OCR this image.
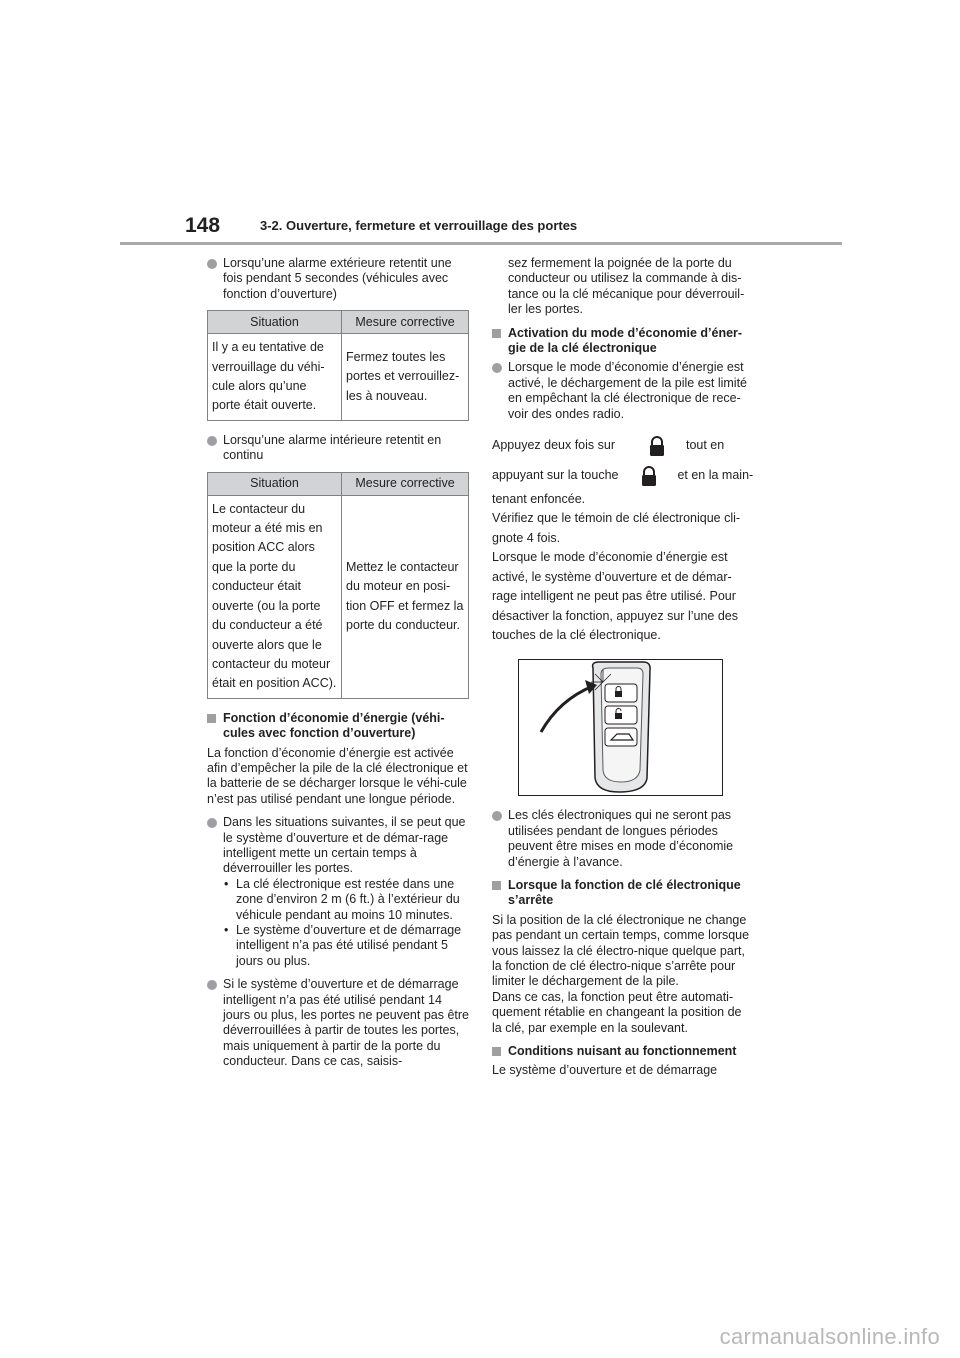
148	3-2. Ouverture, fermeture et verrouillage des portes
Lorsqu’une alarme extérieure retentit une fois pendant 5 secondes (véhicules avec fonction d’ouverture)
Situation	Mesure corrective
Il y a eu tentative de verrouillage du véhi-cule alors qu’une porte était ouverte.	Fermez toutes les portes et verrouillez-les à nouveau.
Lorsqu’une alarme intérieure retentit en continu
Situation	Mesure corrective
Le contacteur du moteur a été mis en position ACC alors que la porte du conducteur était ouverte (ou la porte du conducteur a été ouverte alors que le contacteur du moteur était en position ACC).	Mettez le contacteur du moteur en posi-tion OFF et fermez la porte du conducteur.
Fonction d’économie d’énergie (véhi-cules avec fonction d’ouverture)

La fonction d’économie d’énergie est activée afin d’empêcher la pile de la clé électronique et la batterie de se décharger lorsque le véhi-cule n’est pas utilisé pendant une longue période.

Dans les situations suivantes, il se peut que le système d’ouverture et de démar-rage intelligent mette un certain temps à déverrouiller les portes.
• La clé électronique est restée dans une zone d’environ 2 m (6 ft.) à l’extérieur du véhicule pendant au moins 10 minutes.
• Le système d’ouverture et de démarrage intelligent n’a pas été utilisé pendant 5 jours ou plus.
Si le système d’ouverture et de démarrage intelligent n’a pas été utilisé pendant 14 jours ou plus, les portes ne peuvent pas être déverrouillées à partir de toutes les portes, mais uniquement à partir de la porte du conducteur. Dans ce cas, saisis-
sez fermement la poignée de la porte du conducteur ou utilisez la commande à dis-tance ou la clé mécanique pour déverrouil-ler les portes.
Activation du mode d’économie d’éner-gie de la clé électronique
Lorsque le mode d’économie d’énergie est activé, le déchargement de la pile est limité en empêchant la clé électronique de rece-voir des ondes radio.

Appuyez deux fois sur	tout en

appuyant sur la touche	et en la main-

tenant enfoncée.

Vérifiez que le témoin de clé électronique cli-gnote 4 fois.

Lorsque le mode d’économie d’énergie est activé, le système d’ouverture et de démar-rage intelligent ne peut pas être utilisé. Pour désactiver la fonction, appuyez sur l’une des touches de la clé électronique.

Les clés électroniques qui ne seront pas utilisées pendant de longues périodes peuvent être mises en mode d’économie d’énergie à l’avance.
Lorsque la fonction de clé électronique s’arrête

Si la position de la clé électronique ne change pas pendant un certain temps, comme lorsque vous laissez la clé électro-nique quelque part, la fonction de clé électro-nique s’arrête pour limiter le déchargement de la pile.

Dans ce cas, la fonction peut être automati-quement rétablie en changeant la position de la clé, par exemple en la soulevant.

Conditions nuisant au fonctionnement

Le système d’ouverture et de démarrage

carmanualsonline.info
